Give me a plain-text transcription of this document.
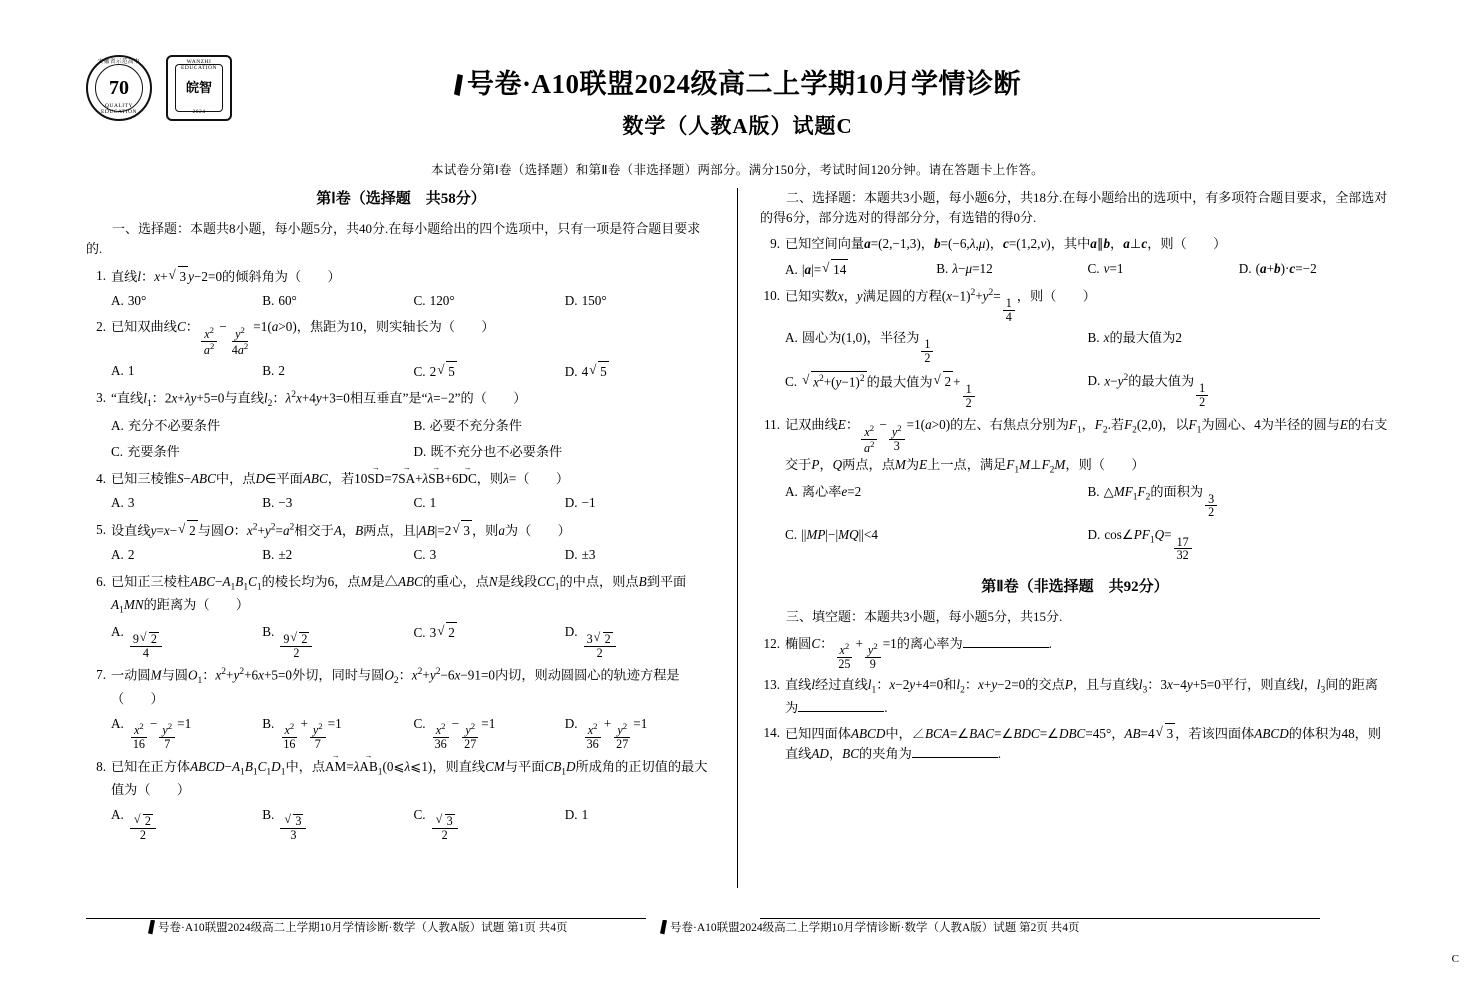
安徽省示范高中
70
QUALITY EDUCATION
WANZHI EDUCATION
皖智
2024
号卷·A10联盟2024级高二上学期10月学情诊断
数学（人教A版）试题C
本试卷分第Ⅰ卷（选择题）和第Ⅱ卷（非选择题）两部分。满分150分，考试时间120分钟。请在答题卡上作答。
第Ⅰ卷（选择题　共58分）
一、选择题：本题共8小题，每小题5分，共40分.在每小题给出的四个选项中，只有一项是符合题目要求的.
1. 直线l：x+ √ 3 y−2=0的倾斜角为（　　）
A. 30°	B. 60°	C. 120°	D. 150°
2. 已知双曲线C： $\frac{x^2}{a^2} - \frac{y^2}{4a^2} =1(a>0)$，焦距为10，则实轴长为（　　）
A. 1	B. 2	C. 2 √ 5	D. 4 √ 5
3. “直线$l_1$：2x+λy+5=0与直线$l_2$：$\lambda^2x+4y+3=0$相互垂直”是“λ=−2”的（　　）
A. 充分不必要条件	B. 必要不充分条件
C. 充要条件	D. 既不充分也不必要条件
4. 已知三棱锥S−ABC中，点D∈平面ABC，若10SD →=7SA →+λSB →+6DC →，则λ=（　　）
A. 3	B. −3	C. 1	D. −1
5. 设直线y=x− √ 2 与圆O：$x^2+y^2=a^2$相交于A，B两点，且|AB|=2 √ 3 ，则a为（　　）
A. 2	B. ±2	C. 3	D. ±3
6. 已知正三棱柱$ABC-A_1B_1C_1$的棱长均为6，点M是△ABC的重心，点N是线段$CC_1$的中点，则点B到平面$A_1MN$的距离为（　　）
A.
$\frac{9 √ 2}{4}$
B.
$\frac{9 √ 2}{2}$	C. 3 √ 2	D.
$\frac{3 √ 2}{2}$
7. 一动圆M与圆$O_1$：$x^2+y^2+6x+5=0$外切，同时与圆$O_2$：$x^2+y^2-6x-91=0$内切，则动圆圆心的轨迹方程是（　　）
A. $\frac{x^2}{16} - \frac{y^2}{7} =1$	B. $\frac{x^2}{16} + \frac{y^2}{7} =1$	C. $\frac{x^2}{36} - \frac{y^2}{27} =1$	D. $\frac{x^2}{36} + \frac{y^2}{27} =1$
8. 已知在正方体$ABCD-A_1B_1C_1D_1$中，点AM $\to=\lambda AB \to_1(0⩽\lambda⩽1)$，则直线CM与平面$CB_1D$所成角的正切值的最大值为（　　）
A.
√ $\frac{2}{2}$
B.
√ $\frac{3}{3}$
C.
√ $\frac{3}{2}$
D. 1
二、选择题：本题共3小题，每小题6分，共18分.在每小题给出的选项中，有多项符合题目要求，全部选对的得6分，部分选对的得部分分，有选错的得0分.
9. 已知空间向量a=(2,−1,3)，b=(−6,λ,μ)，c=(1,2,v)，其中a∥b，a⊥c，则（　　）
A. |a|= √ 14	B. λ−μ=12	C. v=1	D. (a+b)·c=−2
10. 已知实数x，y满足圆的方程$(x-1)^2+y^2=$
$\frac{1}{4}$
，则（　　）
A. 圆心为(1,0)，半径为
$\frac{1}{2}$
B. x的最大值为2
C. √ $x^2+(y-1)^2$ 的最大值为 √ 2 +
$\frac{1}{2}$
D. $x-y^2$的最大值为
$\frac{1}{2}$
11. 记双曲线E： $\frac{x^2}{a^2} - \frac{y^2}{3} =1(a>0)$的左、右焦点分别为$F_1$，$F_2$.若$F_2(2,0)$，以$F_1$为圆心、4为半径的圆与E的右支交于P，Q两点，点M为E上一点，满足$F_1M\perp F_2M$，则（　　）
A. 离心率e=2	B. $\triangle MF_1F_2$的面积为
$\frac{3}{2}$
C. ||MP|−|MQ||<4	D. $\cos\angle PF_1Q=$
$\frac{17}{32}$
第Ⅱ卷（非选择题　共92分）
三、填空题：本题共3小题，每小题5分，共15分.
12. 椭圆C： $\frac{x^2}{25} + \frac{y^2}{9} =1$的离心率为	.
13. 直线l经过直线$l_1$：x−2y+4=0和$l_2$：x+y−2=0的交点P，且与直线$l_3$：3x−4y+5=0平行，则直线l，$l_3$间的距离为	.
14. 已知四面体ABCD中，∠BCA=∠BAC=∠BDC=∠DBC=45°，AB=4 √ 3 ，若该四面体ABCD的体积为48，则直线AD，BC的夹角为	.
号卷·A10联盟2024级高二上学期10月学情诊断·数学（人教A版）试题 第1页 共4页	号卷·A10联盟2024级高二上学期10月学情诊断·数学（人教A版）试题 第2页 共4页
C
